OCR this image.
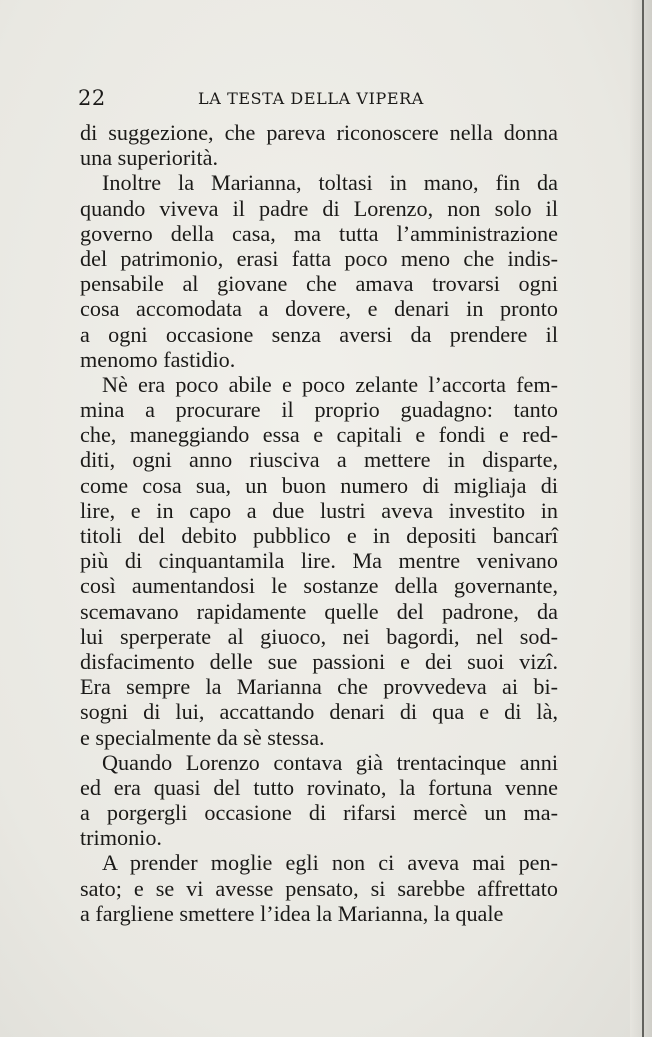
22	LA TESTA DELLA VIPERA
di suggezione, che pareva riconoscere nella donna
una superiorità.
Inoltre la Marianna, toltasi in mano, fin da
quando viveva il padre di Lorenzo, non solo il
governo della casa, ma tutta l’amministrazione
del patrimonio, erasi fatta poco meno che indis-
pensabile al giovane che amava trovarsi ogni
cosa accomodata a dovere, e denari in pronto
a ogni occasione senza aversi da prendere il
menomo fastidio.
Nè era poco abile e poco zelante l’accorta fem-
mina a procurare il proprio guadagno: tanto
che, maneggiando essa e capitali e fondi e red-
diti, ogni anno riusciva a mettere in disparte,
come cosa sua, un buon numero di migliaja di
lire, e in capo a due lustri aveva investito in
titoli del debito pubblico e in depositi bancarî
più di cinquantamila lire. Ma mentre venivano
così aumentandosi le sostanze della governante,
scemavano rapidamente quelle del padrone, da
lui sperperate al giuoco, nei bagordi, nel sod-
disfacimento delle sue passioni e dei suoi vizî.
Era sempre la Marianna che provvedeva ai bi-
sogni di lui, accattando denari di qua e di là,
e specialmente da sè stessa.
Quando Lorenzo contava già trentacinque anni
ed era quasi del tutto rovinato, la fortuna venne
a porgergli occasione di rifarsi mercè un ma-
trimonio.
A prender moglie egli non ci aveva mai pen-
sato; e se vi avesse pensato, si sarebbe affrettato
a fargliene smettere l’idea la Marianna, la quale
